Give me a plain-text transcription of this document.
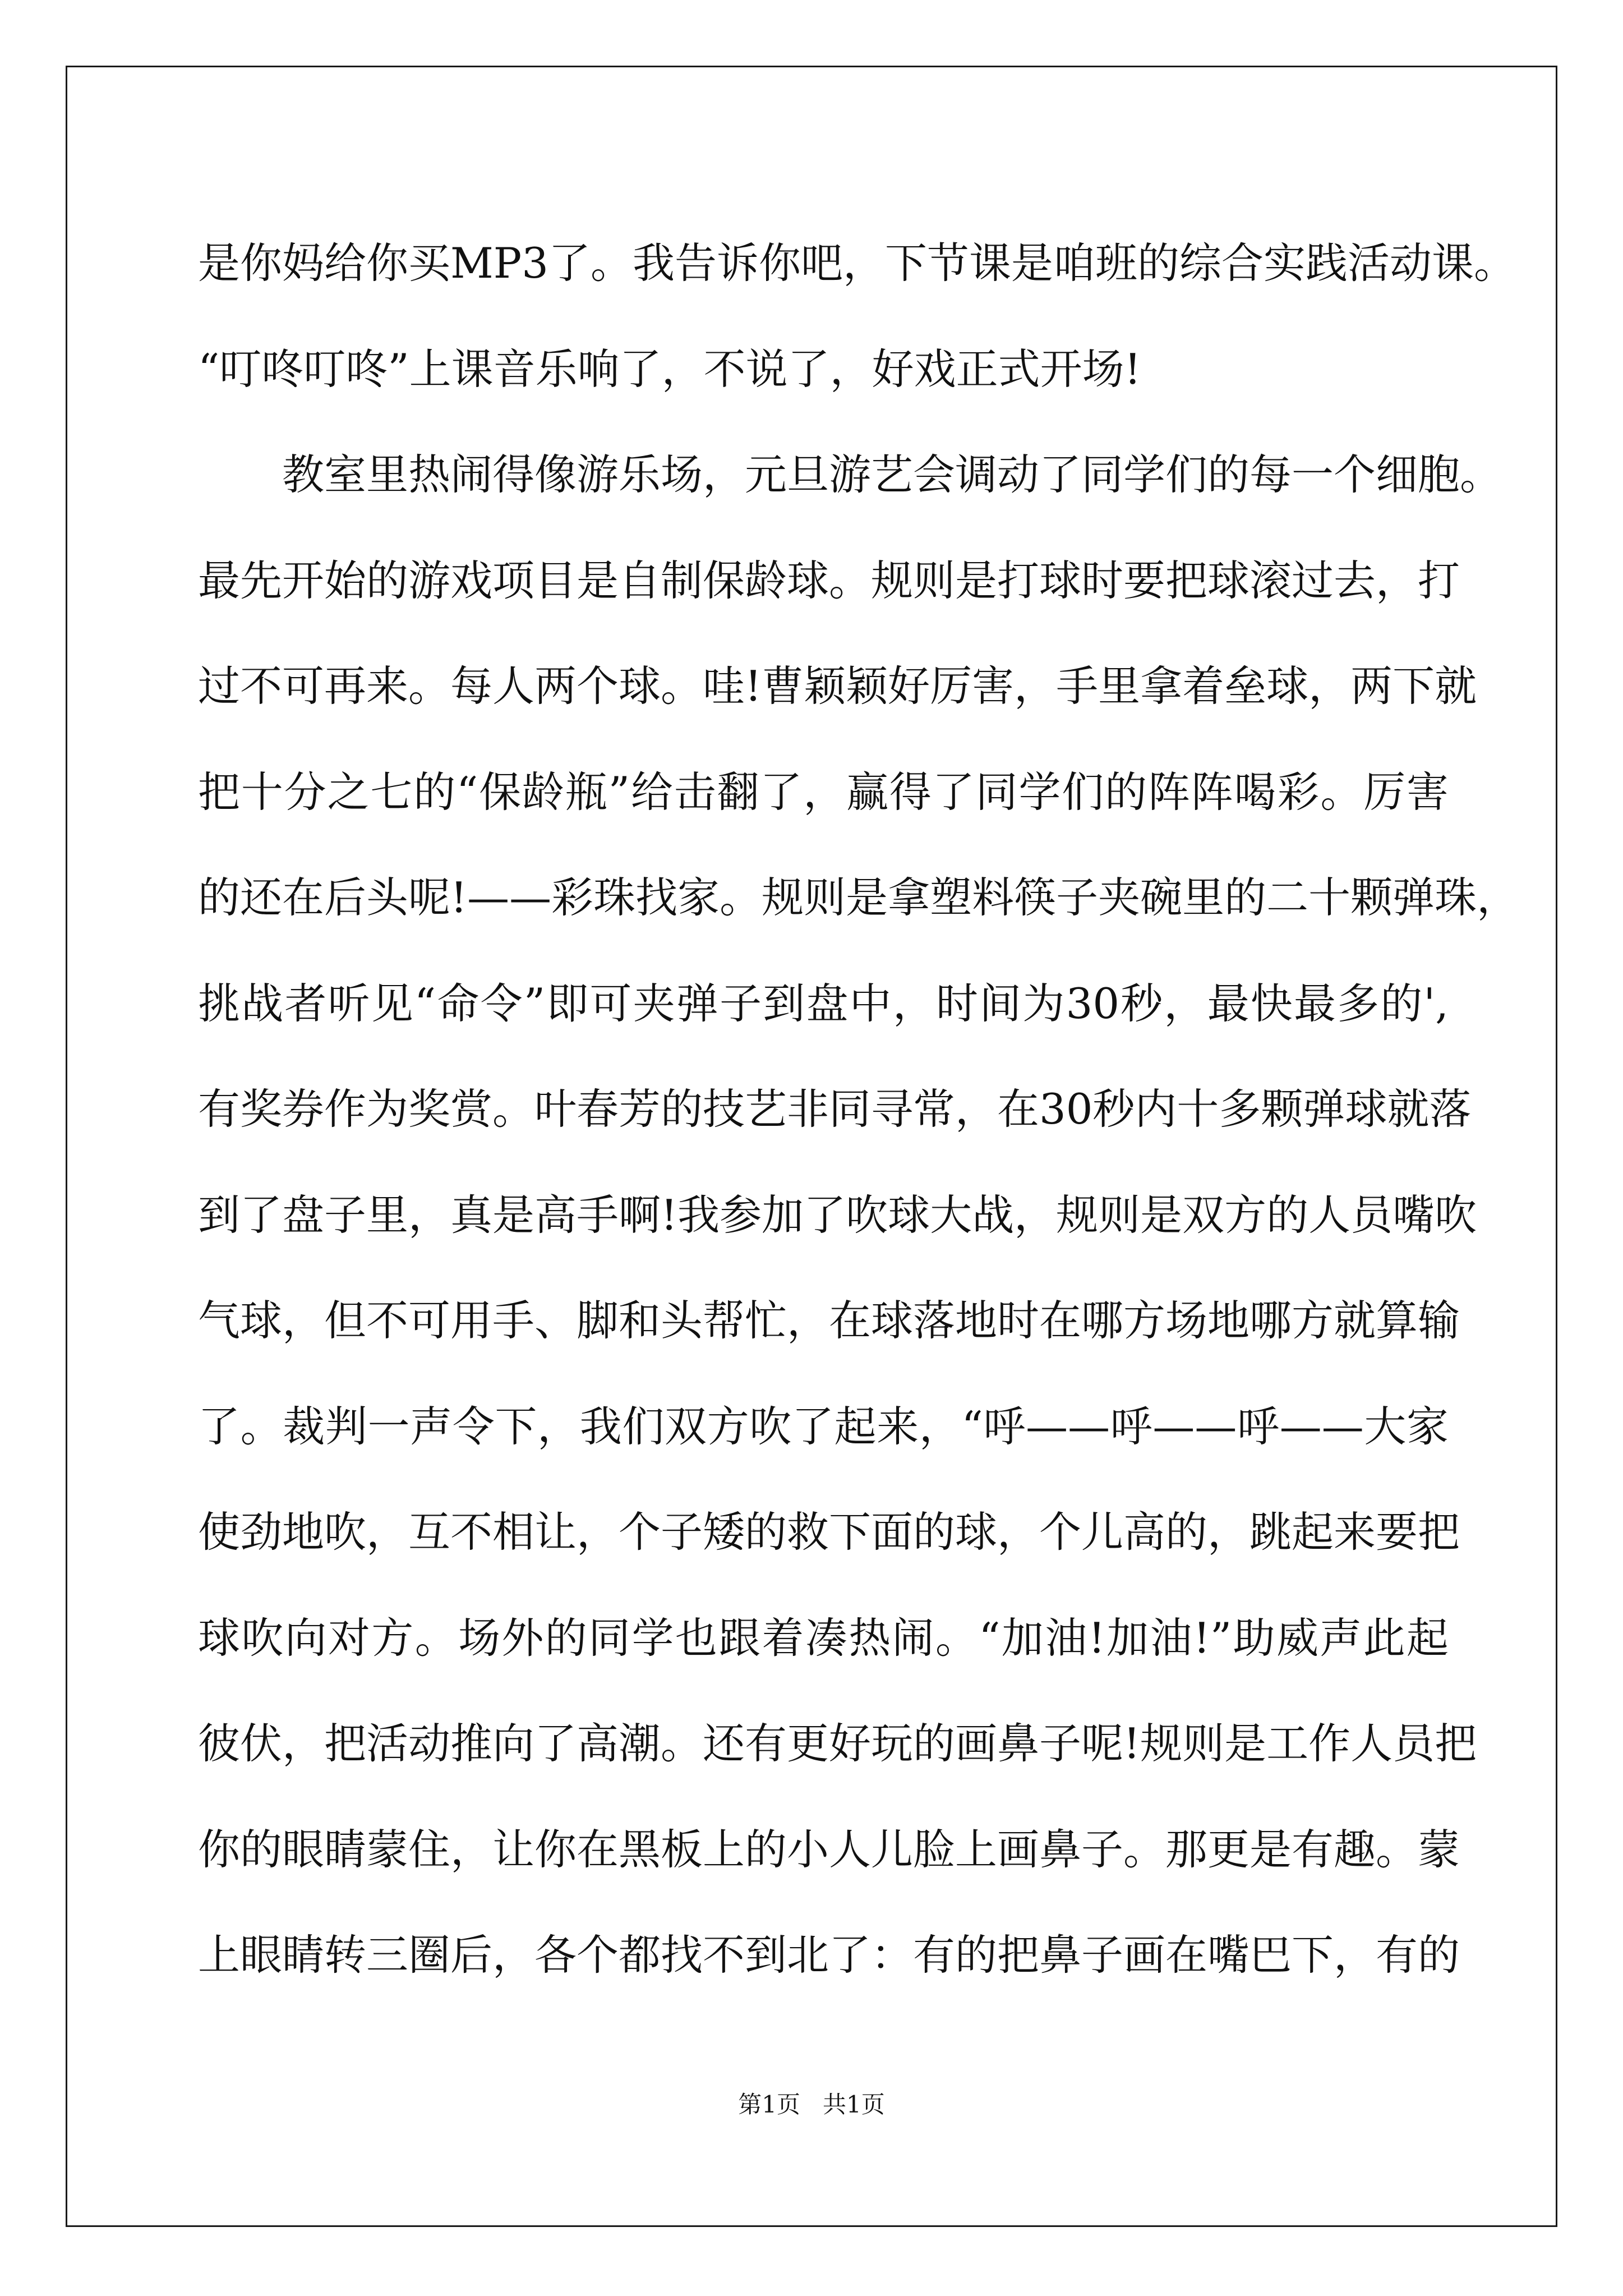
是你妈给你买MP3了。我告诉你吧，下节课是咱班的综合实践活动课。
“叮咚叮咚”上课音乐响了，不说了，好戏正式开场!
教室里热闹得像游乐场，元旦游艺会调动了同学们的每一个细胞。
最先开始的游戏项目是自制保龄球。规则是打球时要把球滚过去，打
过不可再来。每人两个球。哇!曹颖颖好厉害，手里拿着垒球，两下就
把十分之七的“保龄瓶”给击翻了，赢得了同学们的阵阵喝彩。厉害
的还在后头呢!——彩珠找家。规则是拿塑料筷子夹碗里的二十颗弹珠，
挑战者听见“命令”即可夹弹子到盘中，时间为30秒，最快最多的',
有奖券作为奖赏。叶春芳的技艺非同寻常，在30秒内十多颗弹球就落
到了盘子里，真是高手啊!我参加了吹球大战，规则是双方的人员嘴吹
气球，但不可用手、脚和头帮忙，在球落地时在哪方场地哪方就算输
了。裁判一声令下，我们双方吹了起来，“呼——呼——呼——大家
使劲地吹，互不相让，个子矮的救下面的球，个儿高的，跳起来要把
球吹向对方。场外的同学也跟着凑热闹。“加油!加油!”助威声此起
彼伏，把活动推向了高潮。还有更好玩的画鼻子呢!规则是工作人员把
你的眼睛蒙住，让你在黑板上的小人儿脸上画鼻子。那更是有趣。蒙
上眼睛转三圈后，各个都找不到北了：有的把鼻子画在嘴巴下，有的
第1页 共1页
